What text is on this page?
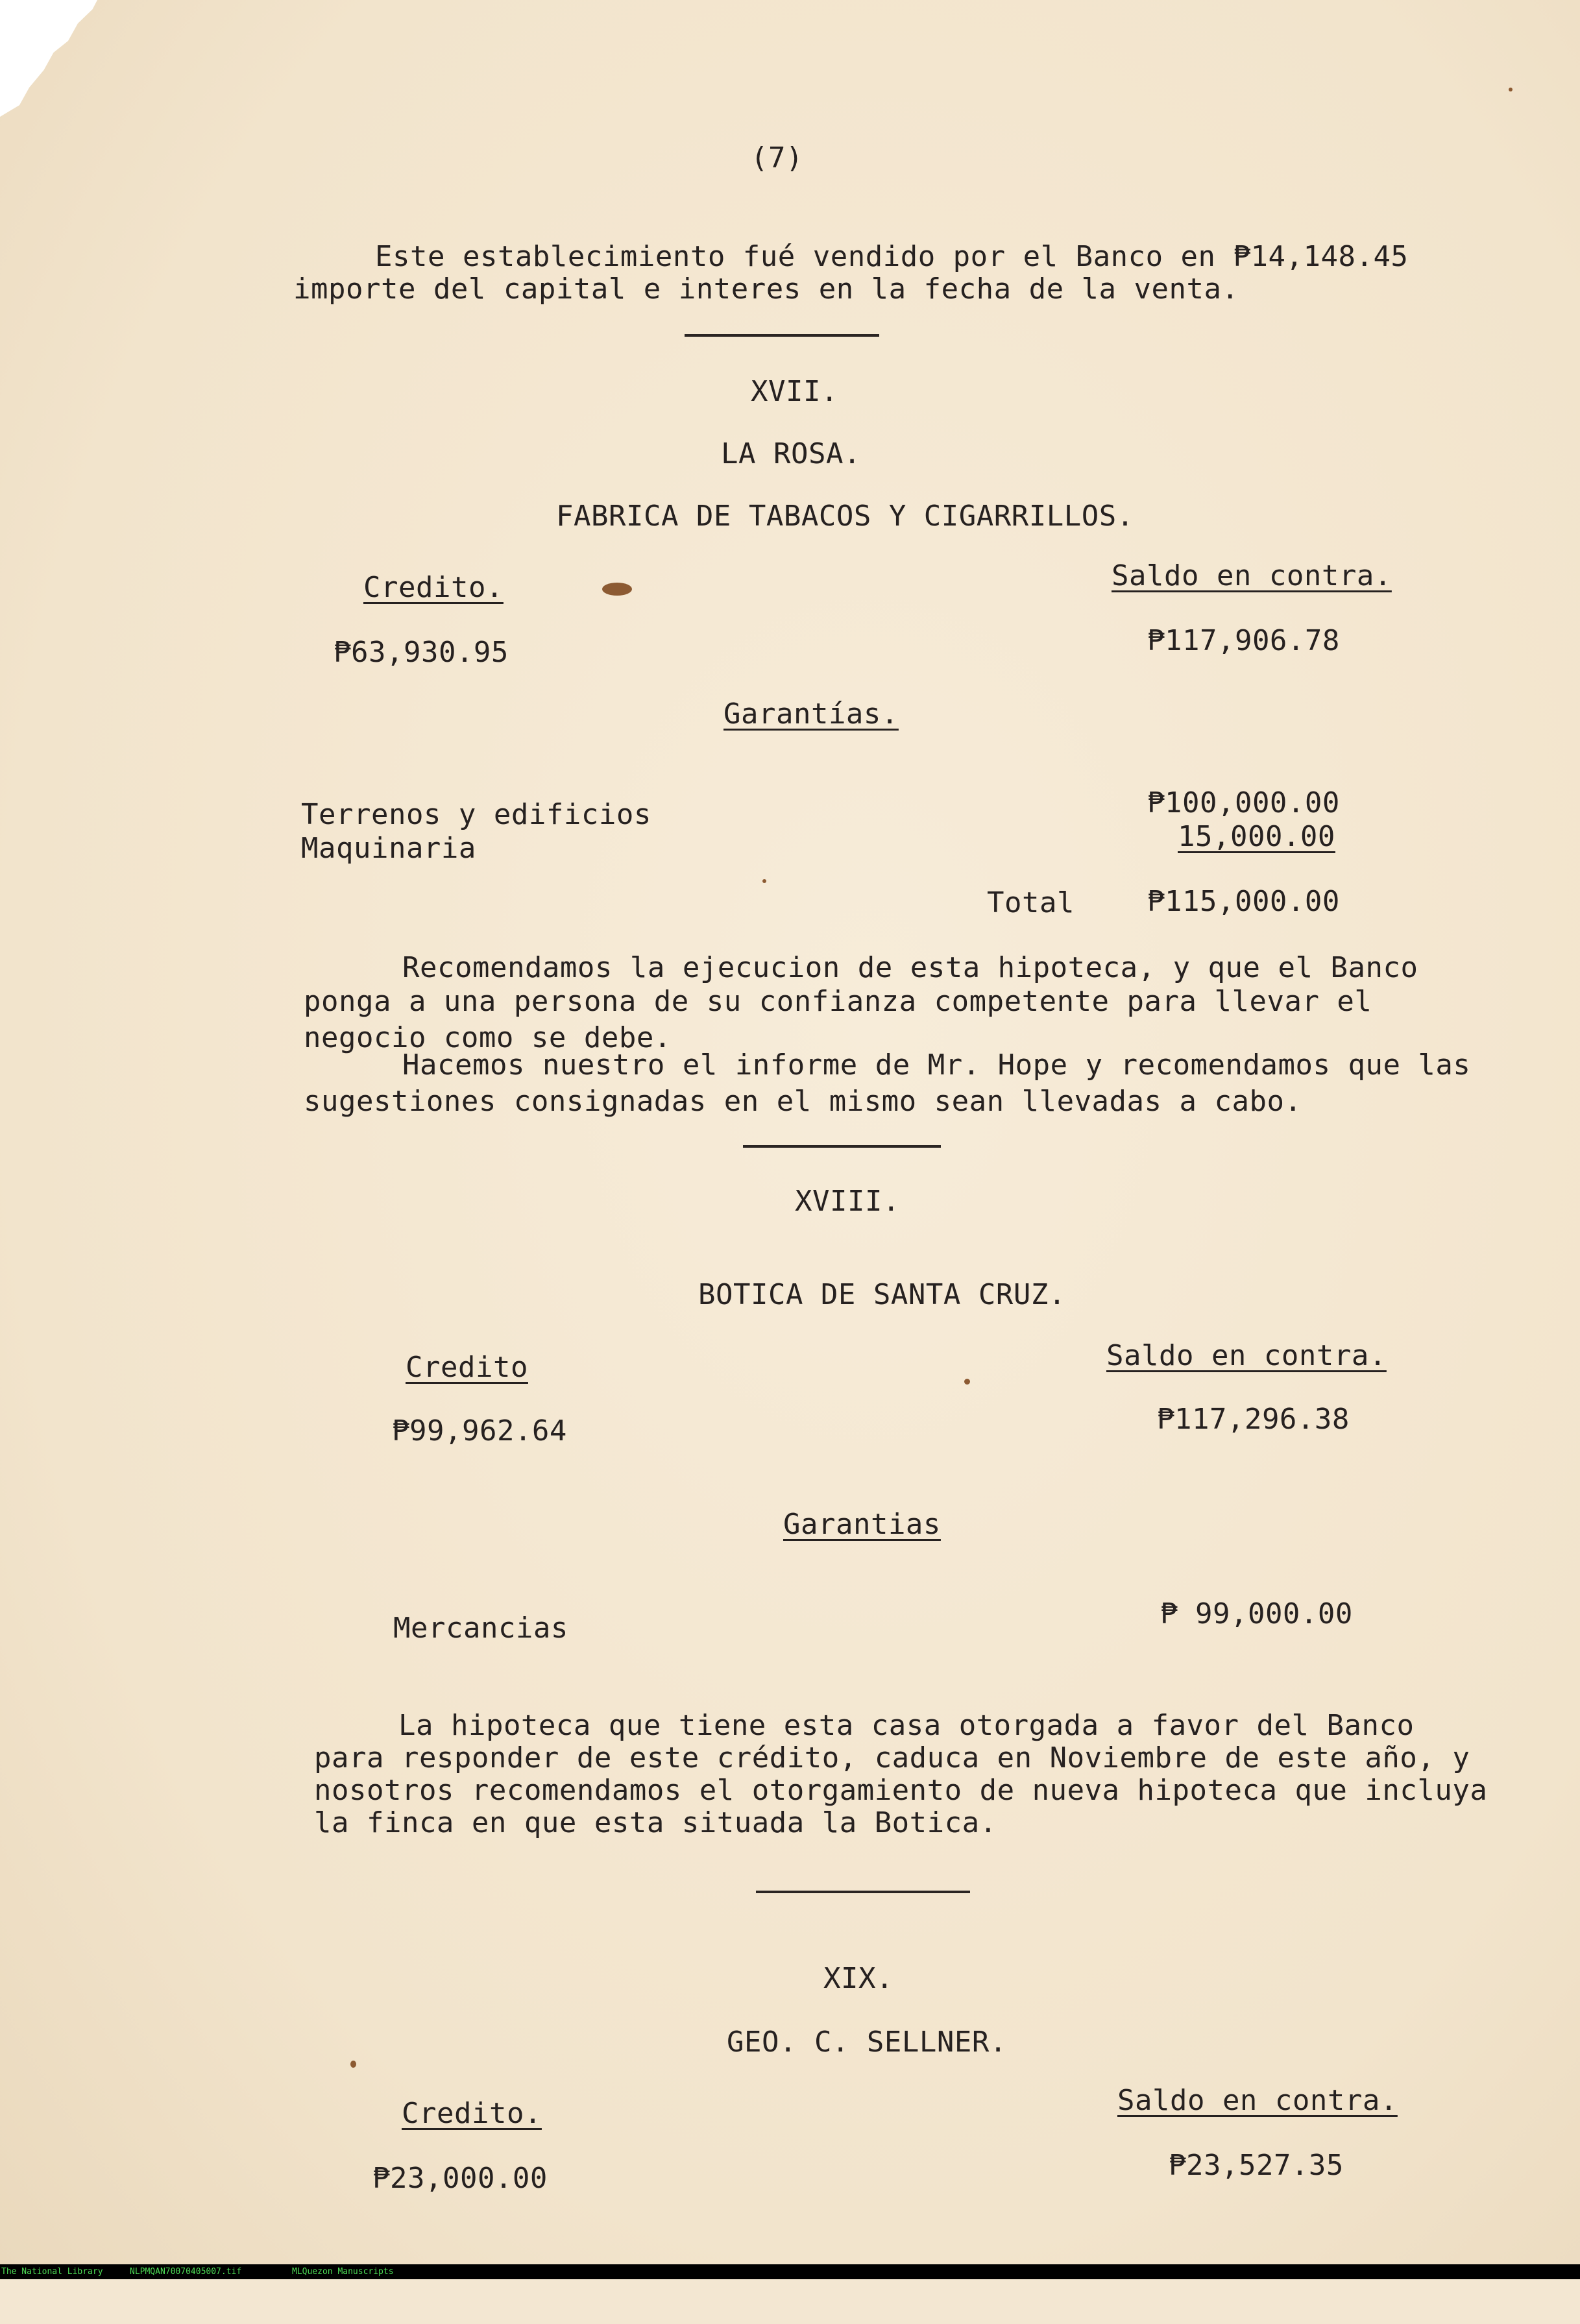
(7)
Este establecimiento fué vendido por el Banco en ₱14,148.45
importe del capital e interes en la fecha de la venta.
XVII.
LA ROSA.
FABRICA DE TABACOS Y CIGARRILLOS.
Credito.	Saldo en contra.
₱63,930.95	₱117,906.78
Garantías.
Terrenos y edificios	₱100,000.00
Maquinaria	15,000.00
Total	₱115,000.00
Recomendamos la ejecucion de esta hipoteca, y que el Banco
ponga a una persona de su confianza competente para llevar el
negocio como se debe.
Hacemos nuestro el informe de Mr. Hope y recomendamos que las
sugestiones consignadas en el mismo sean llevadas a cabo.
XVIII.
BOTICA DE SANTA CRUZ.
Credito	Saldo en contra.
₱99,962.64	₱117,296.38
Garantias
Mercancias	₱ 99,000.00
La hipoteca que tiene esta casa otorgada a favor del Banco
para responder de este crédito, caduca en Noviembre de este año, y
nosotros recomendamos el otorgamiento de nueva hipoteca que incluya
la finca en que esta situada la Botica.
XIX.
GEO. C. SELLNER.
Credito.	Saldo en contra.
₱23,000.00	₱23,527.35

The National Library

	NLPMQAN70070405007.tif

	MLQuezon Manuscripts
